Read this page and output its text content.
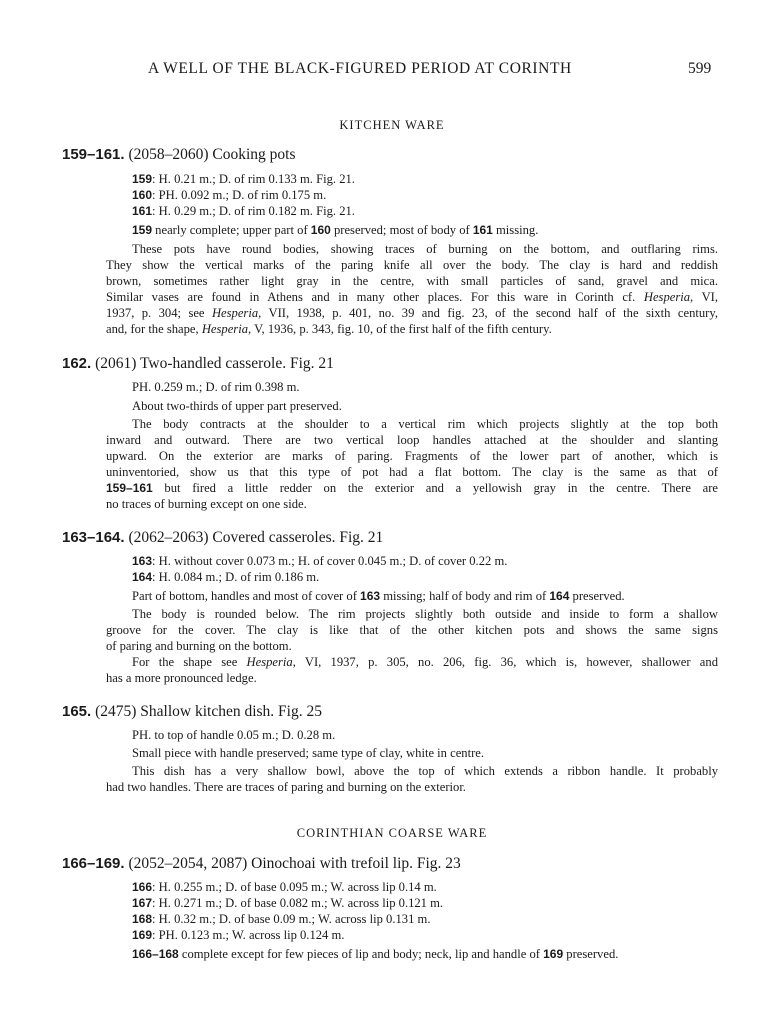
A WELL OF THE BLACK-FIGURED PERIOD AT CORINTH	599
KITCHEN WARE
159–161. (2058–2060) Cooking pots
159: H. 0.21 m.; D. of rim 0.133 m. Fig. 21.
160: PH. 0.092 m.; D. of rim 0.175 m.
161: H. 0.29 m.; D. of rim 0.182 m. Fig. 21.
159 nearly complete; upper part of 160 preserved; most of body of 161 missing.
These pots have round bodies, showing traces of burning on the bottom, and outflaring rims.
They show the vertical marks of the paring knife all over the body. The clay is hard and reddish
brown, sometimes rather light gray in the centre, with small particles of sand, gravel and mica.
Similar vases are found in Athens and in many other places. For this ware in Corinth cf. Hesperia, VI,
1937, p. 304; see Hesperia, VII, 1938, p. 401, no. 39 and fig. 23, of the second half of the sixth century,
and, for the shape, Hesperia, V, 1936, p. 343, fig. 10, of the first half of the fifth century.
162. (2061) Two-handled casserole. Fig. 21
PH. 0.259 m.; D. of rim 0.398 m.
About two-thirds of upper part preserved.
The body contracts at the shoulder to a vertical rim which projects slightly at the top both
inward and outward. There are two vertical loop handles attached at the shoulder and slanting
upward. On the exterior are marks of paring. Fragments of the lower part of another, which is
uninventoried, show us that this type of pot had a flat bottom. The clay is the same as that of
159–161 but fired a little redder on the exterior and a yellowish gray in the centre. There are
no traces of burning except on one side.
163–164. (2062–2063) Covered casseroles. Fig. 21
163: H. without cover 0.073 m.; H. of cover 0.045 m.; D. of cover 0.22 m.
164: H. 0.084 m.; D. of rim 0.186 m.
Part of bottom, handles and most of cover of 163 missing; half of body and rim of 164 preserved.
The body is rounded below. The rim projects slightly both outside and inside to form a shallow
groove for the cover. The clay is like that of the other kitchen pots and shows the same signs
of paring and burning on the bottom.
For the shape see Hesperia, VI, 1937, p. 305, no. 206, fig. 36, which is, however, shallower and
has a more pronounced ledge.
165. (2475) Shallow kitchen dish. Fig. 25
PH. to top of handle 0.05 m.; D. 0.28 m.
Small piece with handle preserved; same type of clay, white in centre.
This dish has a very shallow bowl, above the top of which extends a ribbon handle. It probably
had two handles. There are traces of paring and burning on the exterior.
CORINTHIAN COARSE WARE
166–169. (2052–2054, 2087) Oinochoai with trefoil lip. Fig. 23
166: H. 0.255 m.; D. of base 0.095 m.; W. across lip 0.14 m.
167: H. 0.271 m.; D. of base 0.082 m.; W. across lip 0.121 m.
168: H. 0.32 m.; D. of base 0.09 m.; W. across lip 0.131 m.
169: PH. 0.123 m.; W. across lip 0.124 m.
166–168 complete except for few pieces of lip and body; neck, lip and handle of 169 preserved.
